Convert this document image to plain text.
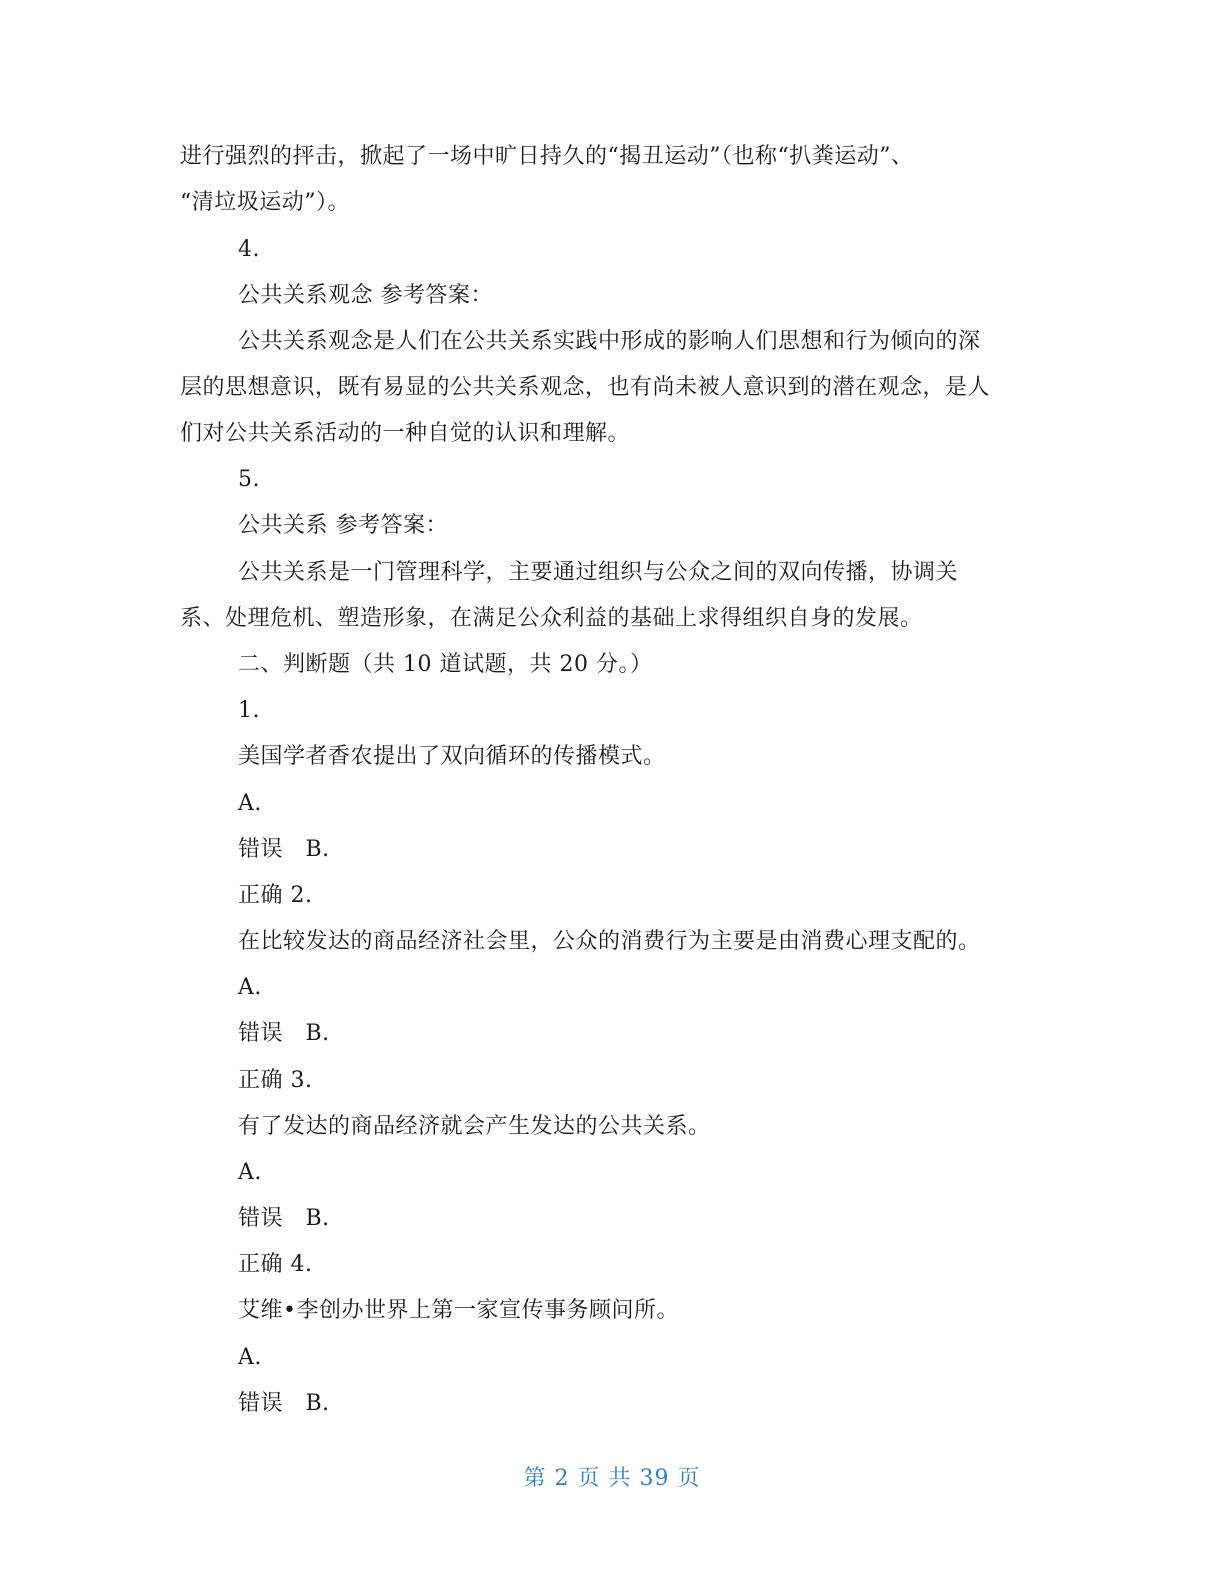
进行强烈的抨击，掀起了一场中旷日持久的“揭丑运动”（也称“扒粪运动”、
“清垃圾运动”）。
4.
公共关系观念 参考答案：
公共关系观念是人们在公共关系实践中形成的影响人们思想和行为倾向的深
层的思想意识，既有易显的公共关系观念，也有尚未被人意识到的潜在观念，是人
们对公共关系活动的一种自觉的认识和理解。
5.
公共关系 参考答案：
公共关系是一门管理科学，主要通过组织与公众之间的双向传播，协调关
系、处理危机、塑造形象，在满足公众利益的基础上求得组织自身的发展。
二、判断题（共 10 道试题，共 20 分。）
1.
美国学者香农提出了双向循环的传播模式。
A.
错误　B.
正确 2.
在比较发达的商品经济社会里，公众的消费行为主要是由消费心理支配的。
A.
错误　B.
正确 3.
有了发达的商品经济就会产生发达的公共关系。
A.
错误　B.
正确 4.
艾维•李创办世界上第一家宣传事务顾问所。
A.
错误　B.
第 2 页 共 39 页
